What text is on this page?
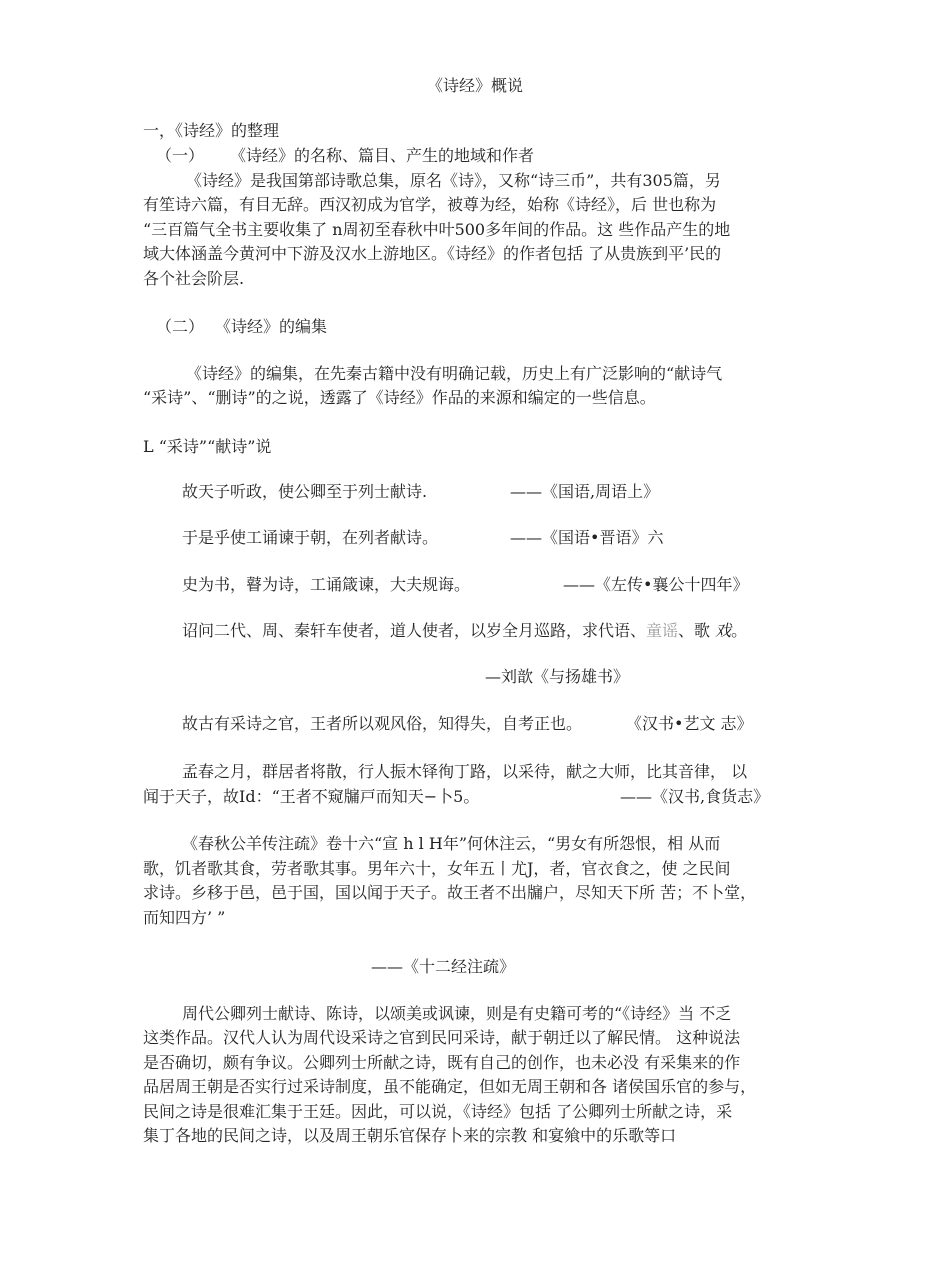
《诗经》概说

一，《诗经》的整理

（一） 《诗经》的名称、篇目、产生的地域和作者

《诗经》是我国第部诗歌总集，原名《诗》，又称“诗三币”，共有305篇，另

有笙诗六篇，有目无辞。西汉初成为官学，被尊为经，始称《诗经》，后 世也称为

“三百篇气全书主要收集了 n周初至春秋中叶500多年间的作品。这 些作品产生的地

域大体涵盖今黄河中下游及汉水上游地区。《诗经》的作者包括 了从贵族到平’民的

各个社会阶层.

（二） 《诗经》的编集

《诗经》的编集，在先秦古籍中没有明确记载，历史上有广泛影响的“献诗气

“采诗”、“删诗”的之说，透露了《诗经》作品的来源和编定的一些信息。

L “采诗”“献诗”说

故天子听政，使公卿至于列士献诗.	——《国语,周语上》

于是乎使工诵谏于朝，在列者献诗。	——《国语•晋语》六

史为书，瞽为诗，工诵箴谏，大夫规诲。	——《左传•襄公十四年》

诏问二代、周、秦轩车使者，道人使者，以岁全月巡路，求代语、童谣、歌 戏。

—刘歆《与扬雄书》

故古有采诗之官，王者所以观风俗，知得失，自考正也。	《汉书•艺文 志》

孟春之月，群居者将散，行人振木铎徇丁路，以采待，献之大师，比其音律， 以

闻于天子，故Id：“王者不窥牖戸而知天−卜5。	——《汉书,食货志》

《春秋公羊传注疏》卷十六“宣 h l H年”何休注云，“男女有所怨恨，相 从而

歌，饥者歌其食，劳者歌其事。男年六十，女年五丨尤J，者，官衣食之，使 之民间

求诗。乡移于邑，邑于国，国以闻于天子。故王者不出牖户，尽知天下所 苦；不卜堂，

而知四方’ ”

——《十二经注疏》

周代公卿列士献诗、陈诗，以颂美或讽谏，则是有史籍可考的“《诗经》当 不乏

这类作品。汉代人认为周代设采诗之官到民冋采诗，献于朝迁以了解民情。 这种说法

是否确切，颇有争议。公卿列士所献之诗，既有自己的创作，也未必没 有采集来的作

品居周王朝是否实行过采诗制度，虽不能确定，但如无周王朝和各 诸侯国乐官的参与，

民间之诗是很难汇集于王廷。因此，可以说，《诗经》包括 了公卿列士所献之诗，采

集丁各地的民间之诗，以及周王朝乐官保存卜来的宗教 和宴飨中的乐歌等口
